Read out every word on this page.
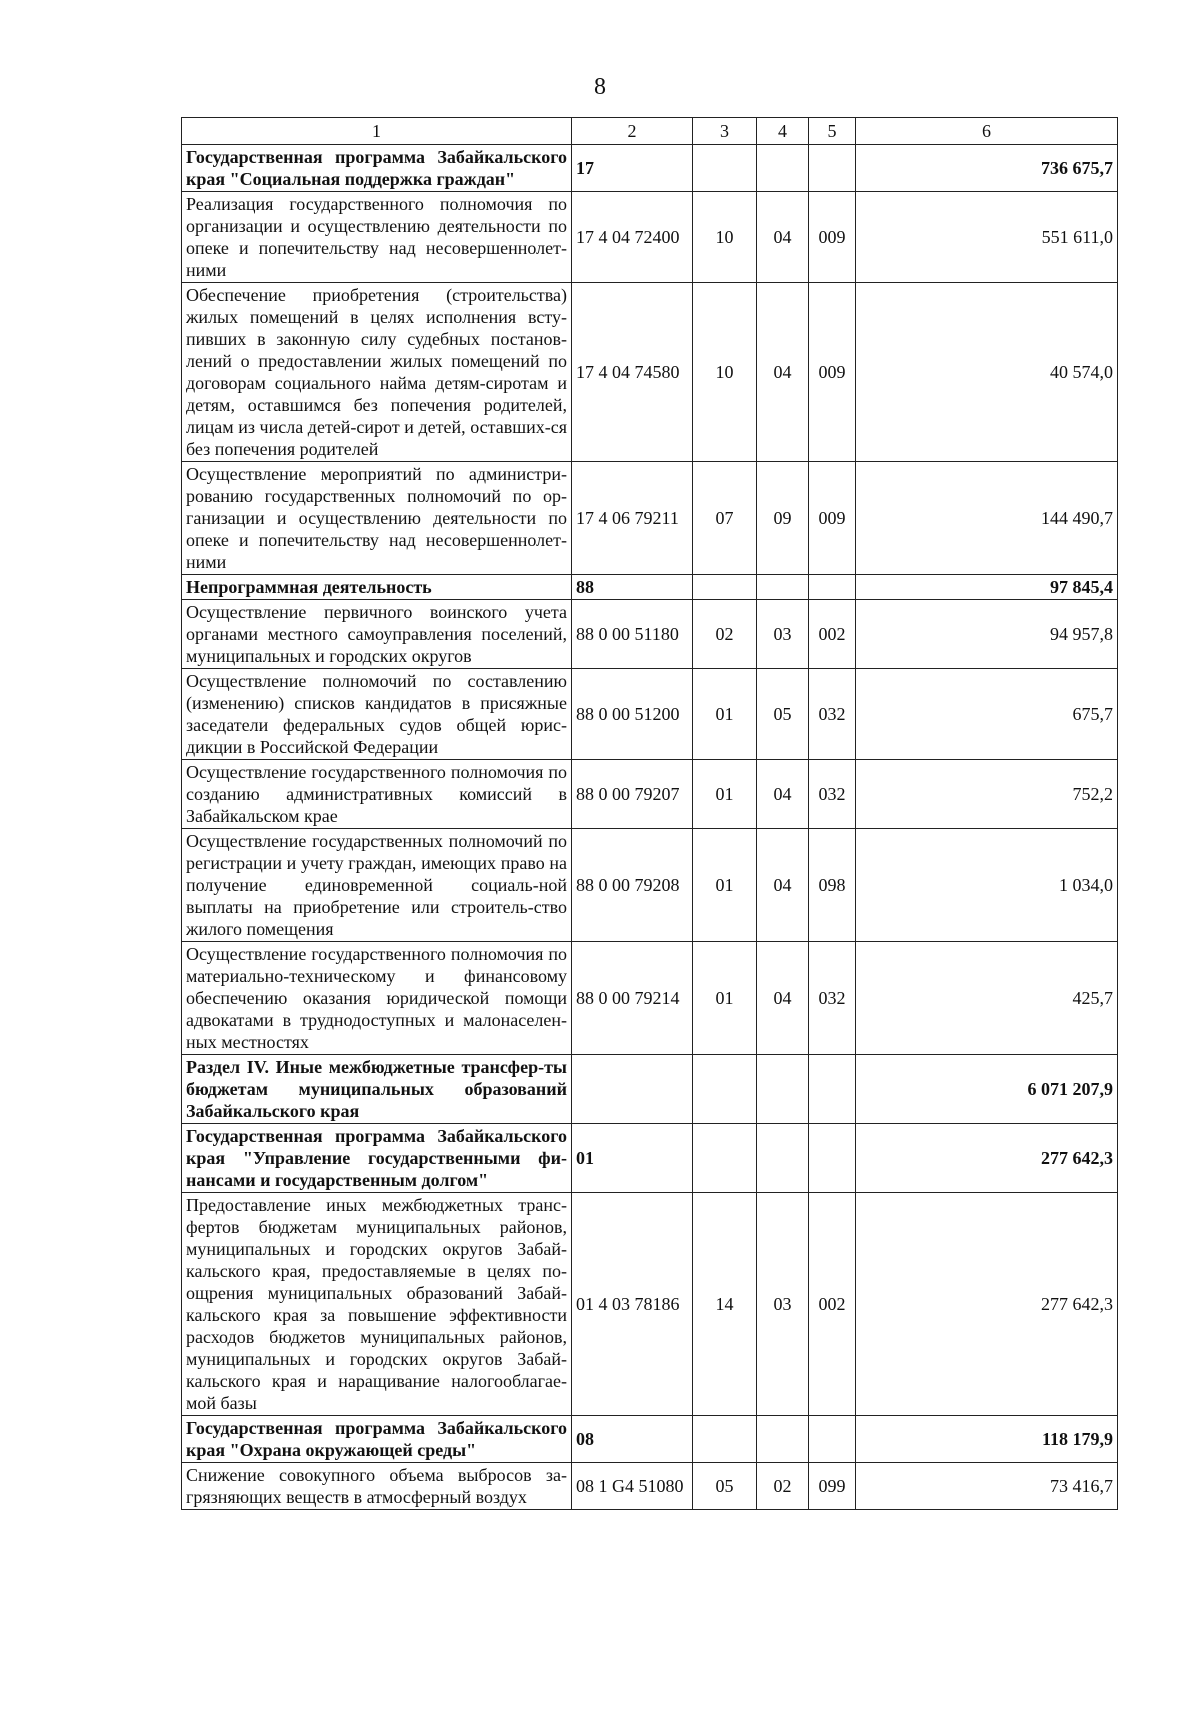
8
1	2	3	4	5	6
Государственная программа Забайкальского края "Социальная поддержка граждан"	17				736 675,7
Реализация государственного полномочия по организации и осуществлению деятельности по опеке и попечительству над несовершеннолет-ними	17 4 04 72400	10	04	009	551 611,0
Обеспечение приобретения (строительства) жилых помещений в целях исполнения всту-пивших в законную силу судебных постанов-лений о предоставлении жилых помещений по договорам социального найма детям-сиротам и детям, оставшимся без попечения родителей, лицам из числа детей-сирот и детей, оставших-ся без попечения родителей	17 4 04 74580	10	04	009	40 574,0
Осуществление мероприятий по администри-рованию государственных полномочий по ор-ганизации и осуществлению деятельности по опеке и попечительству над несовершеннолет-ними	17 4 06 79211	07	09	009	144 490,7
Непрограммная деятельность	88				97 845,4
Осуществление первичного воинского учета органами местного самоуправления поселений, муниципальных и городских округов	88 0 00 51180	02	03	002	94 957,8
Осуществление полномочий по составлению (изменению) списков кандидатов в присяжные заседатели федеральных судов общей юрис-дикции в Российской Федерации	88 0 00 51200	01	05	032	675,7
Осуществление государственного полномочия по созданию административных комиссий в Забайкальском крае	88 0 00 79207	01	04	032	752,2
Осуществление государственных полномочий по регистрации и учету граждан, имеющих право на получение единовременной социаль-ной выплаты на приобретение или строитель-ство жилого помещения	88 0 00 79208	01	04	098	1 034,0
Осуществление государственного полномочия по материально-техническому и финансовому обеспечению оказания юридической помощи адвокатами в труднодоступных и малонаселен-ных местностях	88 0 00 79214	01	04	032	425,7
Раздел IV. Иные межбюджетные трансфер-ты бюджетам муниципальных образований Забайкальского края					6 071 207,9
Государственная программа Забайкальского края "Управление государственными фи-нансами и государственным долгом"	01				277 642,3
Предоставление иных межбюджетных транс-фертов бюджетам муниципальных районов, муниципальных и городских округов Забай-кальского края, предоставляемые в целях по-ощрения муниципальных образований Забай-кальского края за повышение эффективности расходов бюджетов муниципальных районов, муниципальных и городских округов Забай-кальского края и наращивание налогооблагае-мой базы	01 4 03 78186	14	03	002	277 642,3
Государственная программа Забайкальского края "Охрана окружающей среды"	08				118 179,9
Снижение совокупного объема выбросов за-грязняющих веществ в атмосферный воздух	08 1 G4 51080	05	02	099	73 416,7
